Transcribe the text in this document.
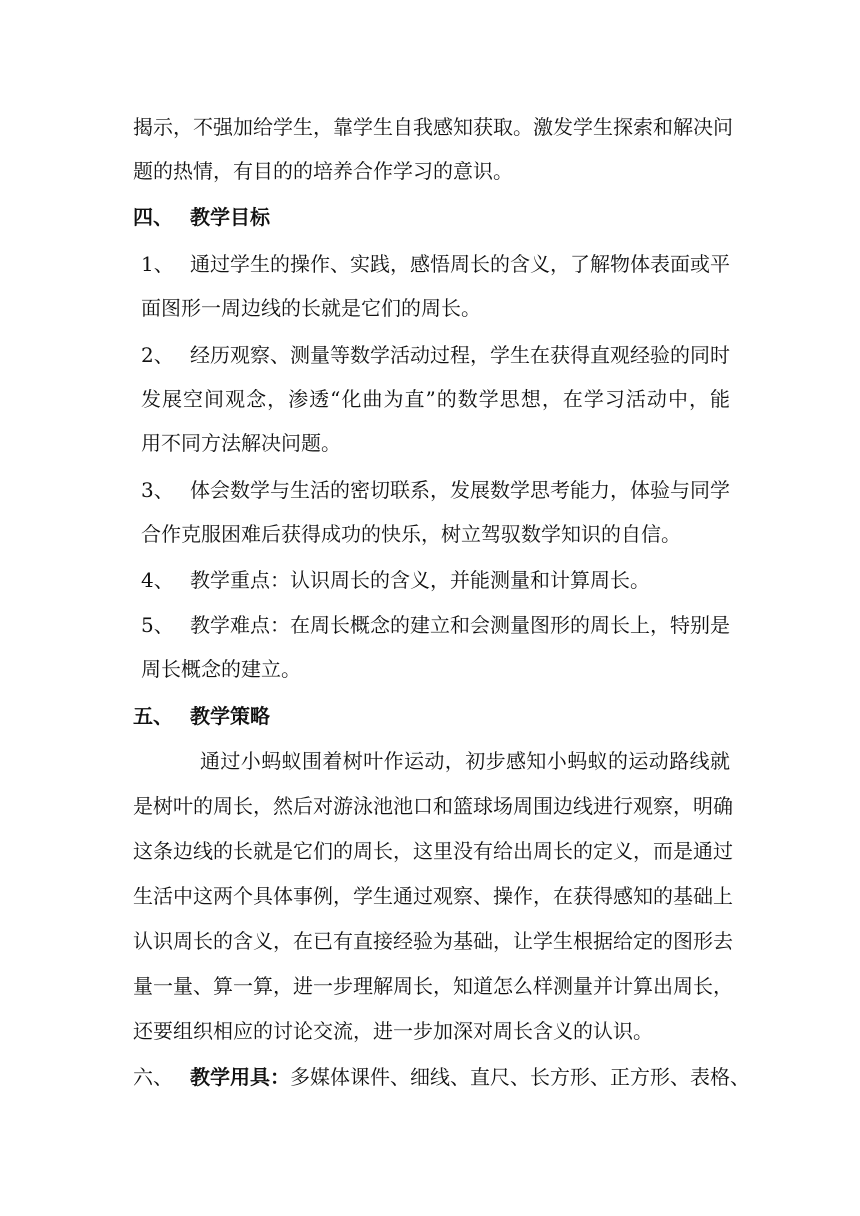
揭示，不强加给学生，靠学生自我感知获取。激发学生探索和解决问
题的热情，有目的的培养合作学习的意识。
四、 教学目标
1、 通过学生的操作、实践，感悟周长的含义，了解物体表面或平
面图形一周边线的长就是它们的周长。
2、 经历观察、测量等数学活动过程，学生在获得直观经验的同时
发展空间观念，渗透“化曲为直”的数学思想，在学习活动中，能
用不同方法解决问题。
3、 体会数学与生活的密切联系，发展数学思考能力，体验与同学
合作克服困难后获得成功的快乐，树立驾驭数学知识的自信。
4、 教学重点：认识周长的含义，并能测量和计算周长。
5、 教学难点：在周长概念的建立和会测量图形的周长上，特别是
周长概念的建立。
五、 教学策略
通过小蚂蚁围着树叶作运动，初步感知小蚂蚁的运动路线就
是树叶的周长，然后对游泳池池口和篮球场周围边线进行观察，明确
这条边线的长就是它们的周长，这里没有给出周长的定义，而是通过
生活中这两个具体事例，学生通过观察、操作，在获得感知的基础上
认识周长的含义，在已有直接经验为基础，让学生根据给定的图形去
量一量、算一算，进一步理解周长，知道怎么样测量并计算出周长，
还要组织相应的讨论交流，进一步加深对周长含义的认识。
六、 教学用具： 多媒体课件、细线、直尺、长方形、正方形、表格、
